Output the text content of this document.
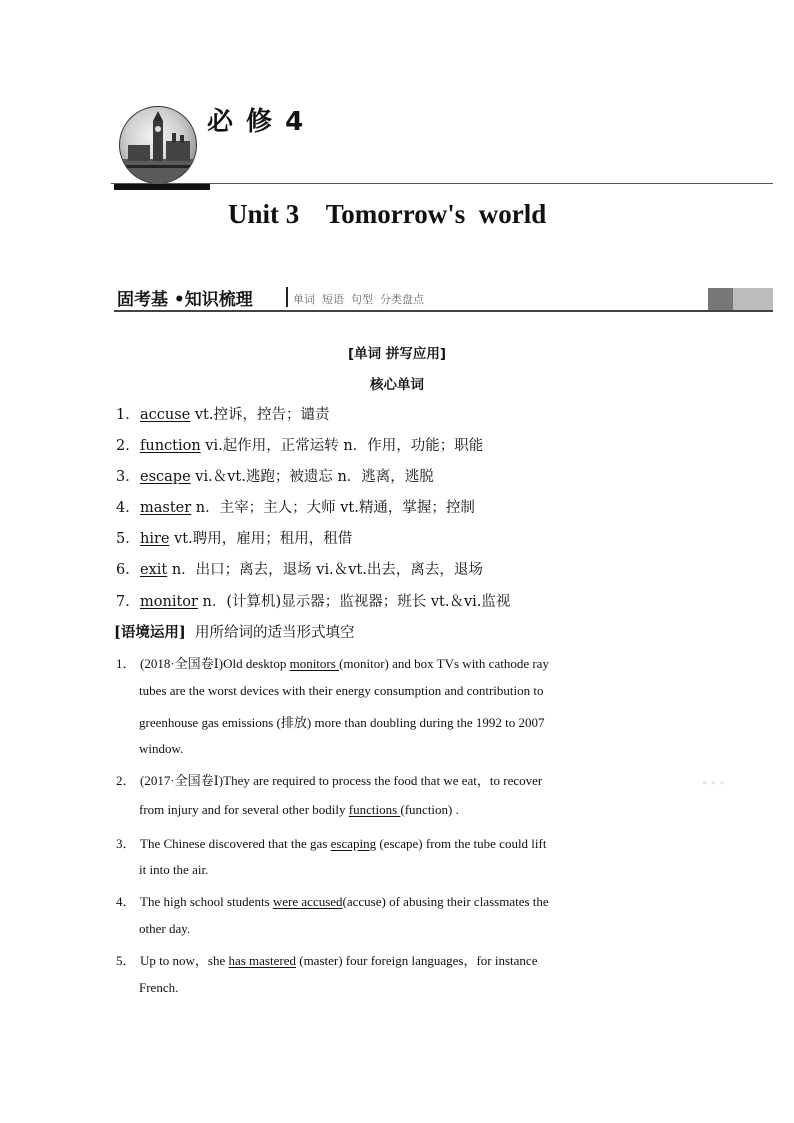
必 修 4
Unit 3    Tomorrow's  world
固考基 •知识梳理	单词  短语  句型  分类盘点
[单词 拼写应用]
核心单词
1．accuse vt.控诉，控告；谴责
2．function vi.起作用，正常运转 n．作用，功能；职能
3．escape vi.＆vt.逃跑；被遗忘 n．逃离，逃脱
4．master n．主宰；主人；大师 vt.精通，掌握；控制
5．hire vt.聘用，雇用；租用，租借
6．exit n．出口；离去，退场 vi.＆vt.出去，离去，退场
7．monitor n．(计算机)显示器；监视器；班长 vt.＆vi.监视
[语境运用]  用所给词的适当形式填空
1． (2018·全国卷Ⅰ)Old desktop monitors (monitor) and box TVs with cathode ray
tubes are the worst devices with their energy consumption and contribution to
greenhouse gas emissions (排放) more than doubling during the 1992 to 2007
window.
2． (2017·全国卷Ⅰ)They are required to process the food that we eat，to recover
from injury and for several other bodily functions (function) .
3． The Chinese discovered that the gas escaping (escape) from the tube could lift
it into the air.
4． The high school students were accused(accuse) of abusing their classmates the
other day.
5． Up to now，she has mastered (master) four foreign languages，for instance
French.
...
